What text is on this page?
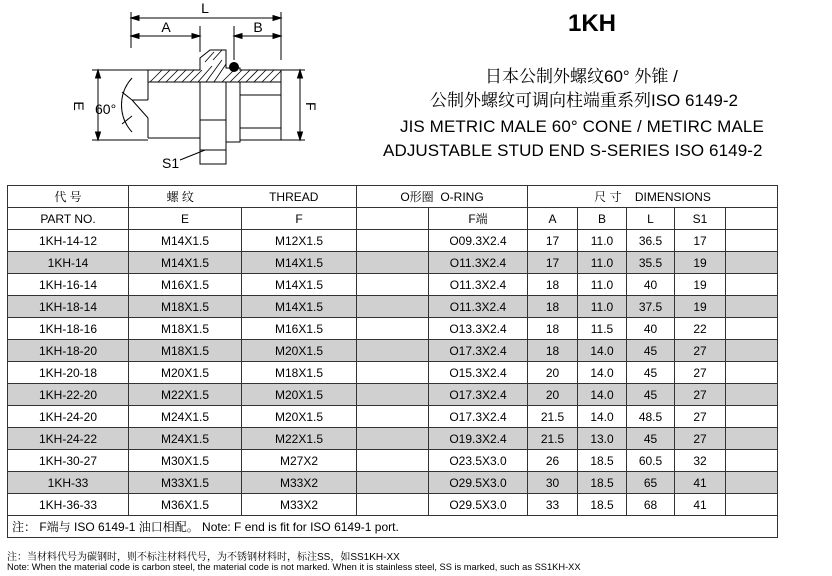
L
A	B
E 60°	F
S1
1KH
日本公制外螺纹60° 外锥 /
公制外螺纹可调向柱端重系列ISO 6149-2
JIS METRIC MALE 60° CONE / METIRC MALE
ADJUSTABLE STUD END S-SERIES ISO 6149-2
代 号	螺 纹 THREAD		O形圈 O-RING		尺 寸 DIMENSIONS				
PART NO.	E	F		F端	A	B	L	S1	
1KH-14-12	M14X1.5	M12X1.5		O09.3X2.4	17	11.0	36.5	17	
1KH-14	M14X1.5	M14X1.5		O11.3X2.4	17	11.0	35.5	19	
1KH-16-14	M16X1.5	M14X1.5		O11.3X2.4	18	11.0	40	19	
1KH-18-14	M18X1.5	M14X1.5		O11.3X2.4	18	11.0	37.5	19	
1KH-18-16	M18X1.5	M16X1.5		O13.3X2.4	18	11.5	40	22	
1KH-18-20	M18X1.5	M20X1.5		O17.3X2.4	18	14.0	45	27	
1KH-20-18	M20X1.5	M18X1.5		O15.3X2.4	20	14.0	45	27	
1KH-22-20	M22X1.5	M20X1.5		O17.3X2.4	20	14.0	45	27	
1KH-24-20	M24X1.5	M20X1.5		O17.3X2.4	21.5	14.0	48.5	27	
1KH-24-22	M24X1.5	M22X1.5		O19.3X2.4	21.5	13.0	45	27	
1KH-30-27	M30X1.5	M27X2		O23.5X3.0	26	18.5	60.5	32	
1KH-33	M33X1.5	M33X2		O29.5X3.0	30	18.5	65	41	
1KH-36-33	M36X1.5	M33X2		O29.5X3.0	33	18.5	68	41	
注： F端与 ISO 6149-1 油口相配。 Note: F end is fit for ISO 6149-1 port.									
注：当材料代号为碳钢时，则不标注材料代号，为不锈钢材料时，标注SS，如SS1KH-XX
Note: When the material code is carbon steel, the material code is not marked. When it is stainless steel, SS is marked, such as SS1KH-XX
